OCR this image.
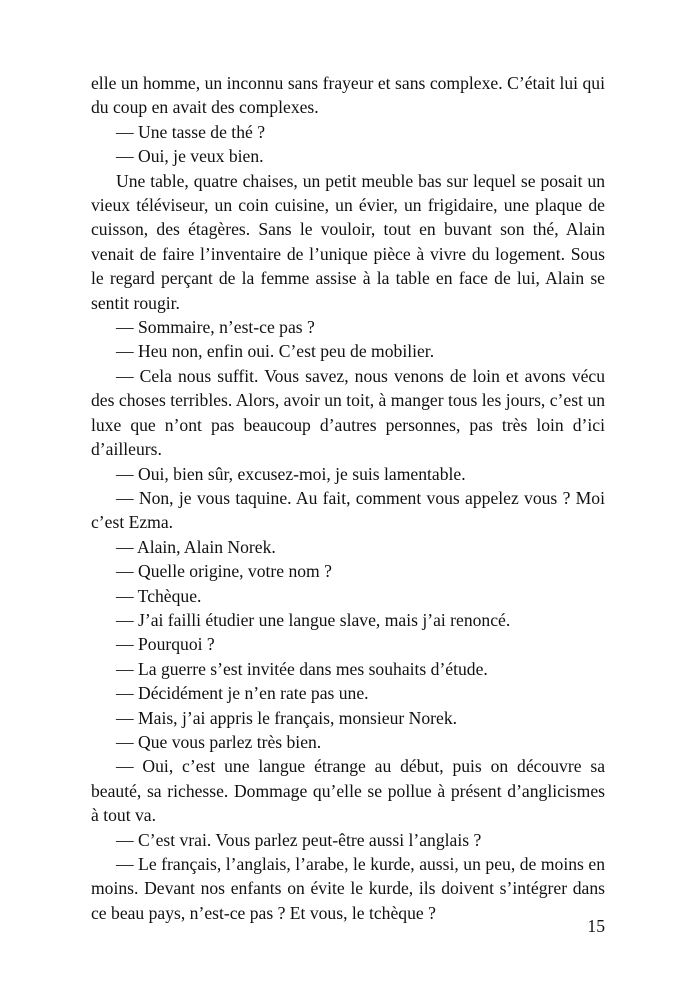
elle un homme, un inconnu sans frayeur et sans complexe. C’était lui qui du coup en avait des complexes.

— Une tasse de thé ?

— Oui, je veux bien.

Une table, quatre chaises, un petit meuble bas sur lequel se posait un vieux téléviseur, un coin cuisine, un évier, un frigidaire, une plaque de cuisson, des étagères. Sans le vouloir, tout en buvant son thé, Alain venait de faire l’inventaire de l’unique pièce à vivre du logement. Sous le regard perçant de la femme assise à la table en face de lui, Alain se sentit rougir.

— Sommaire, n’est-ce pas ?

— Heu non, enfin oui. C’est peu de mobilier.

— Cela nous suffit. Vous savez, nous venons de loin et avons vécu des choses terribles. Alors, avoir un toit, à manger tous les jours, c’est un luxe que n’ont pas beaucoup d’autres personnes, pas très loin d’ici d’ailleurs.

— Oui, bien sûr, excusez-moi, je suis lamentable.

— Non, je vous taquine. Au fait, comment vous appelez vous ? Moi c’est Ezma.

— Alain, Alain Norek.

— Quelle origine, votre nom ?

— Tchèque.

— J’ai failli étudier une langue slave, mais j’ai renoncé.

— Pourquoi ?

— La guerre s’est invitée dans mes souhaits d’étude.

— Décidément je n’en rate pas une.

— Mais, j’ai appris le français, monsieur Norek.

— Que vous parlez très bien.

— Oui, c’est une langue étrange au début, puis on découvre sa beauté, sa richesse. Dommage qu’elle se pollue à présent d’anglicismes à tout va.

— C’est vrai. Vous parlez peut-être aussi l’anglais ?

— Le français, l’anglais, l’arabe, le kurde, aussi, un peu, de moins en moins. Devant nos enfants on évite le kurde, ils doivent s’intégrer dans ce beau pays, n’est-ce pas ? Et vous, le tchèque ?

15
